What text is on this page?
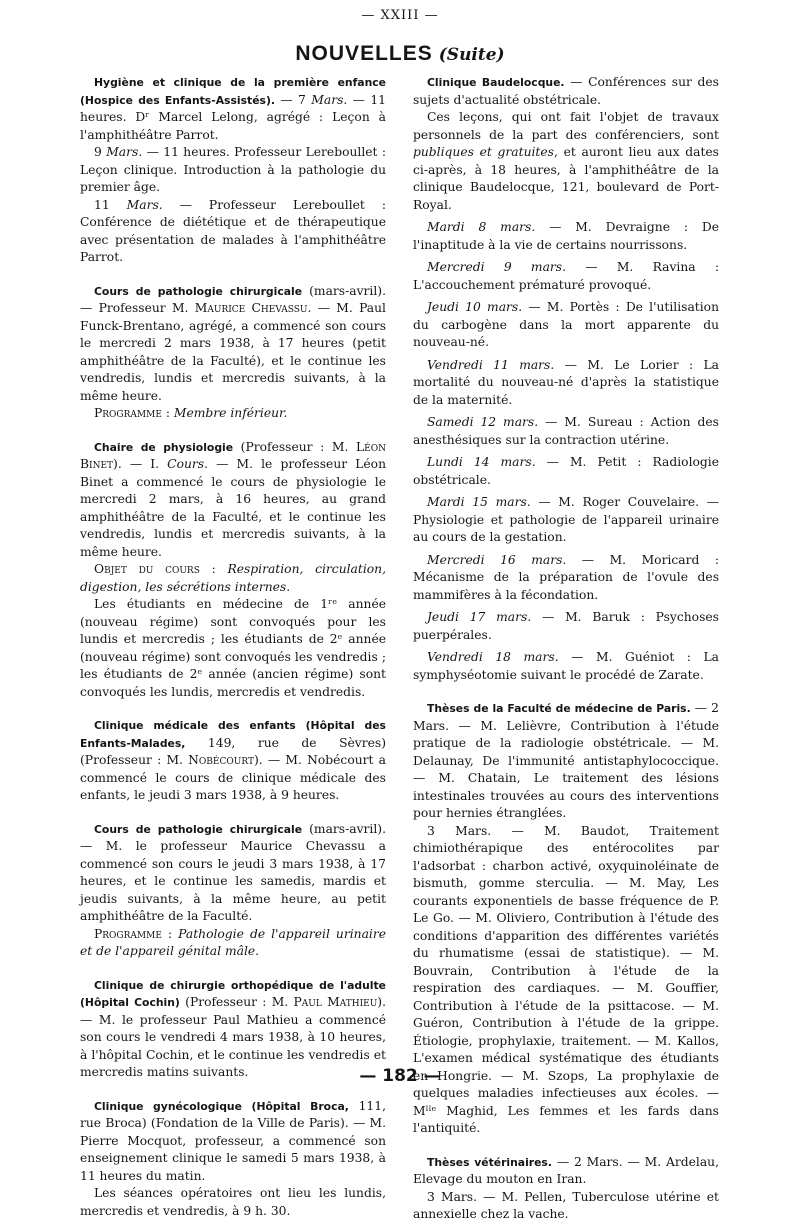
— XXIII —
NOUVELLES (Suite)

Hygiène et clinique de la première enfance (Hospice des Enfants-Assistés). — 7 Mars. — 11 heures. Dʳ Marcel Lelong, agrégé : Leçon à l'amphithéâtre Parrot.

9 Mars. — 11 heures. Professeur Lereboullet : Leçon clinique. Introduction à la pathologie du premier âge.

11 Mars. — Professeur Lereboullet : Conférence de diététique et de thérapeutique avec présentation de malades à l'amphithéâtre Parrot.

Cours de pathologie chirurgicale (mars-avril). — Professeur M. Maurice Chevassu. — M. Paul Funck-Brentano, agrégé, a commencé son cours le mercredi 2 mars 1938, à 17 heures (petit amphithéâtre de la Faculté), et le continue les vendredis, lundis et mercredis suivants, à la même heure.

Programme : Membre inférieur.

Chaire de physiologie (Professeur : M. Léon Binet). — I. Cours. — M. le professeur Léon Binet a commencé le cours de physiologie le mercredi 2 mars, à 16 heures, au grand amphithéâtre de la Faculté, et le continue les vendredis, lundis et mercredis suivants, à la même heure.

Objet du cours : Respiration, circulation, digestion, les sécrétions internes.

Les étudiants en médecine de 1ʳᵉ année (nouveau régime) sont convoqués pour les lundis et mercredis ; les étudiants de 2ᵉ année (nouveau régime) sont convoqués les vendredis ; les étudiants de 2ᵉ année (ancien régime) sont convoqués les lundis, mercredis et vendredis.

Clinique médicale des enfants (Hôpital des Enfants-Malades, 149, rue de Sèvres) (Professeur : M. Nobécourt). — M. Nobécourt a commencé le cours de clinique médicale des enfants, le jeudi 3 mars 1938, à 9 heures.

Cours de pathologie chirurgicale (mars-avril). — M. le professeur Maurice Chevassu a commencé son cours le jeudi 3 mars 1938, à 17 heures, et le continue les samedis, mardis et jeudis suivants, à la même heure, au petit amphithéâtre de la Faculté.

Programme : Pathologie de l'appareil urinaire et de l'appareil génital mâle.

Clinique de chirurgie orthopédique de l'adulte (Hôpital Cochin) (Professeur : M. Paul Mathieu). — M. le professeur Paul Mathieu a commencé son cours le vendredi 4 mars 1938, à 10 heures, à l'hôpital Cochin, et le continue les vendredis et mercredis matins suivants.

Clinique gynécologique (Hôpital Broca, 111, rue Broca) (Fondation de la Ville de Paris). — M. Pierre Mocquot, professeur, a commencé son enseignement clinique le samedi 5 mars 1938, à 11 heures du matin.

Les séances opératoires ont lieu les lundis, mercredis et vendredis, à 9 h. 30.

Clinique Baudelocque. — Conférences sur des sujets d'actualité obstétricale.

Ces leçons, qui ont fait l'objet de travaux personnels de la part des conférenciers, sont publiques et gratuites, et auront lieu aux dates ci-après, à 18 heures, à l'amphithéâtre de la clinique Baudelocque, 121, boulevard de Port-Royal.

Mardi 8 mars. — M. Devraigne : De l'inaptitude à la vie de certains nourrissons.

Mercredi 9 mars. — M. Ravina : L'accouchement prématuré provoqué.

Jeudi 10 mars. — M. Portès : De l'utilisation du carbogène dans la mort apparente du nouveau-né.

Vendredi 11 mars. — M. Le Lorier : La mortalité du nouveau-né d'après la statistique de la maternité.

Samedi 12 mars. — M. Sureau : Action des anesthésiques sur la contraction utérine.

Lundi 14 mars. — M. Petit : Radiologie obstétricale.

Mardi 15 mars. — M. Roger Couvelaire. — Physiologie et pathologie de l'appareil urinaire au cours de la gestation.

Mercredi 16 mars. — M. Moricard : Mécanisme de la préparation de l'ovule des mammifères à la fécondation.

Jeudi 17 mars. — M. Baruk : Psychoses puerpérales.

Vendredi 18 mars. — M. Guéniot : La symphyséotomie suivant le procédé de Zarate.

Thèses de la Faculté de médecine de Paris. — 2 Mars. — M. Lelièvre, Contribution à l'étude pratique de la radiologie obstétricale. — M. Delaunay, De l'immunité antistaphylococcique. — M. Chatain, Le traitement des lésions intestinales trouvées au cours des interventions pour hernies étranglées.

3 Mars. — M. Baudot, Traitement chimiothérapique des entérocolites par l'adsorbat : charbon activé, oxyquinoléinate de bismuth, gomme sterculia. — M. May, Les courants exponentiels de basse fréquence de P. Le Go. — M. Oliviero, Contribution à l'étude des conditions d'apparition des différentes variétés du rhumatisme (essai de statistique). — M. Bouvrain, Contribution à l'étude de la respiration des cardiaques. — M. Gouffier, Contribution à l'étude de la psittacose. — M. Guéron, Contribution à l'étude de la grippe. Étiologie, prophylaxie, traitement. — M. Kallos, L'examen médical systématique des étudiants en Hongrie. — M. Szops, La prophylaxie de quelques maladies infectieuses aux écoles. — Mˡˡᵉ Maghid, Les femmes et les fards dans l'antiquité.

Thèses vétérinaires. — 2 Mars. — M. Ardelau, Elevage du mouton en Iran.

3 Mars. — M. Pellen, Tuberculose utérine et annexielle chez la vache.

— 182 —
